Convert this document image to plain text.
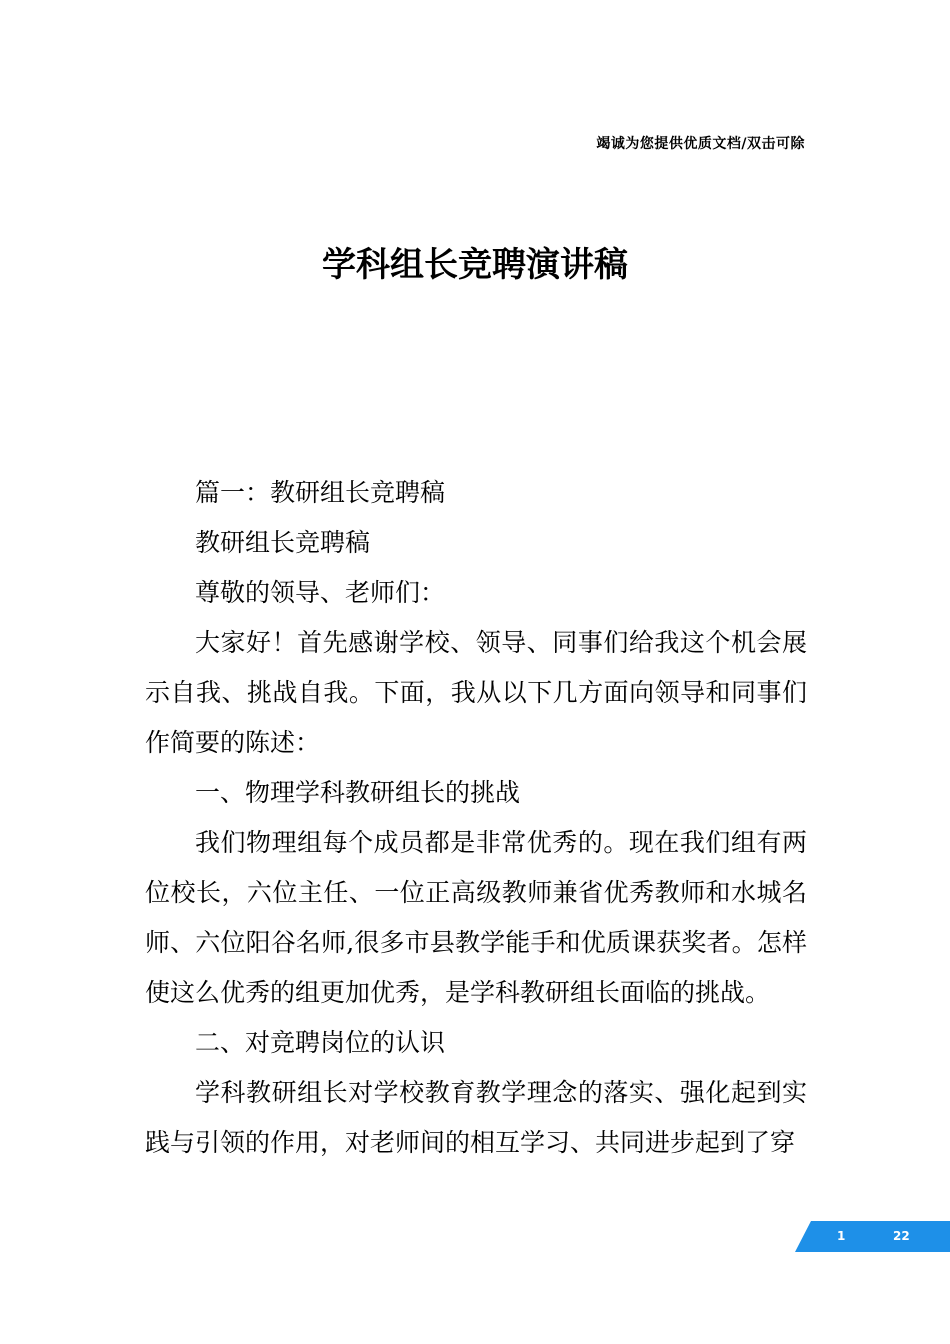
竭诚为您提供优质文档/双击可除
学科组长竞聘演讲稿

篇一：教研组长竞聘稿

教研组长竞聘稿

尊敬的领导、老师们：

大家好！首先感谢学校、领导、同事们给我这个机会展示自我、挑战自我。下面，我从以下几方面向领导和同事们作简要的陈述：

一、物理学科教研组长的挑战

我们物理组每个成员都是非常优秀的。现在我们组有两位校长，六位主任、一位正高级教师兼省优秀教师和水城名师、六位阳谷名师,很多市县教学能手和优质课获奖者。怎样使这么优秀的组更加优秀，是学科教研组长面临的挑战。

二、对竞聘岗位的认识

学科教研组长对学校教育教学理念的落实、强化起到实践与引领的作用，对老师间的相互学习、共同进步起到了穿

1	22
